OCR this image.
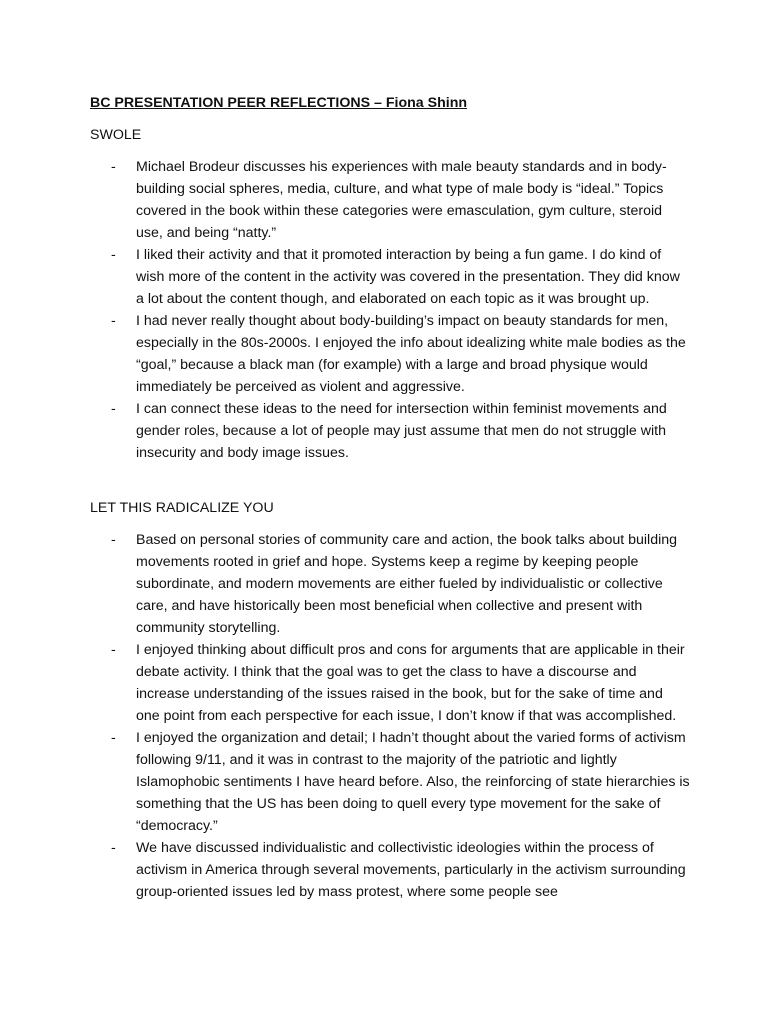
BC PRESENTATION PEER REFLECTIONS – Fiona Shinn
SWOLE
- Michael Brodeur discusses his experiences with male beauty standards and in body-building social spheres, media, culture, and what type of male body is “ideal.” Topics covered in the book within these categories were emasculation, gym culture, steroid use, and being “natty.”
- I liked their activity and that it promoted interaction by being a fun game. I do kind of wish more of the content in the activity was covered in the presentation. They did know a lot about the content though, and elaborated on each topic as it was brought up.
- I had never really thought about body-building’s impact on beauty standards for men, especially in the 80s-2000s. I enjoyed the info about idealizing white male bodies as the “goal,” because a black man (for example) with a large and broad physique would immediately be perceived as violent and aggressive.
- I can connect these ideas to the need for intersection within feminist movements and gender roles, because a lot of people may just assume that men do not struggle with insecurity and body image issues.
LET THIS RADICALIZE YOU
- Based on personal stories of community care and action, the book talks about building movements rooted in grief and hope. Systems keep a regime by keeping people subordinate, and modern movements are either fueled by individualistic or collective care, and have historically been most beneficial when collective and present with community storytelling.
- I enjoyed thinking about difficult pros and cons for arguments that are applicable in their debate activity. I think that the goal was to get the class to have a discourse and increase understanding of the issues raised in the book, but for the sake of time and one point from each perspective for each issue, I don’t know if that was accomplished.
- I enjoyed the organization and detail; I hadn’t thought about the varied forms of activism following 9/11, and it was in contrast to the majority of the patriotic and lightly Islamophobic sentiments I have heard before. Also, the reinforcing of state hierarchies is something that the US has been doing to quell every type movement for the sake of “democracy.”
- We have discussed individualistic and collectivistic ideologies within the process of activism in America through several movements, particularly in the activism surrounding group-oriented issues led by mass protest, where some people see
